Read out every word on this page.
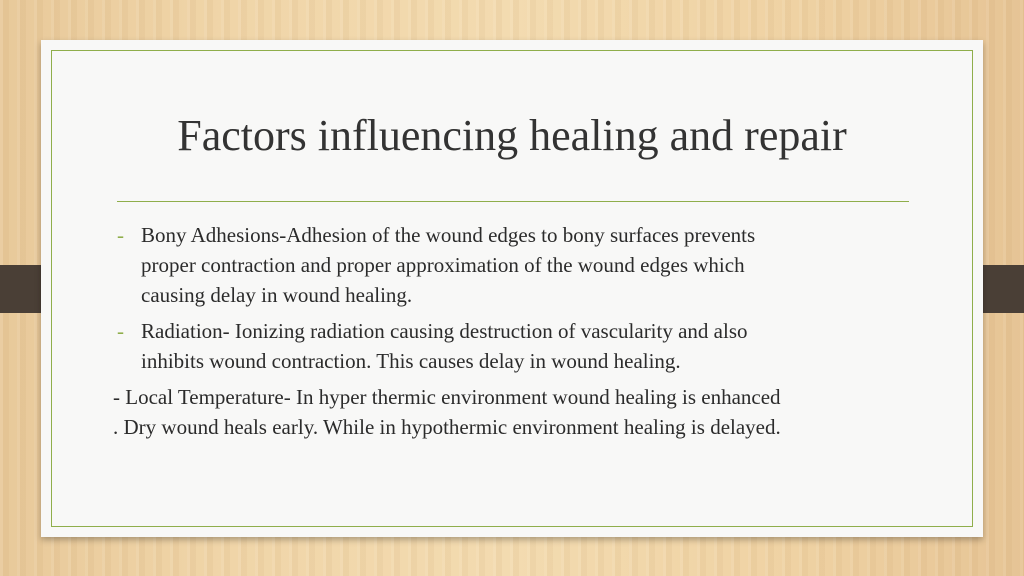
Factors influencing healing and repair
- Bony Adhesions-Adhesion of the wound edges to bony surfaces prevents
proper contraction and proper approximation of the wound edges which
causing delay in wound healing.
- Radiation- Ionizing radiation causing destruction of vascularity and also
inhibits wound contraction. This causes delay in wound healing.
- Local Temperature- In hyper thermic environment wound healing is enhanced
. Dry wound heals early. While in hypothermic environment healing is delayed.
